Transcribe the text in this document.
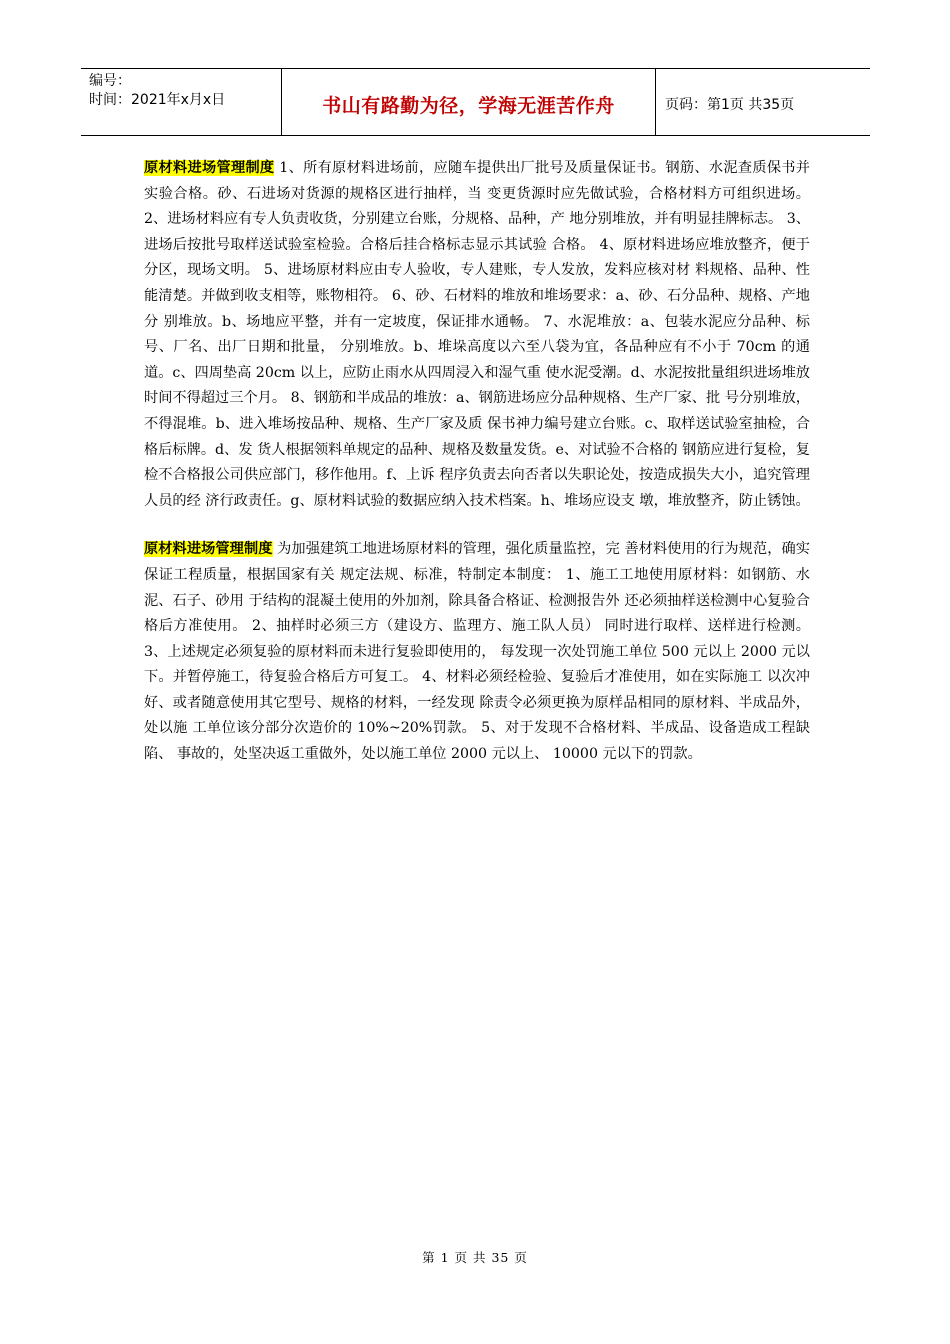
编号：
时间：2021年x月x日	书山有路勤为径，学海无涯苦作舟	页码：第1页 共35页

原材料进场管理制度 1、所有原材料进场前，应随车提供出厂批号及质量保证书。钢筋、水泥查质保书并实验合格。砂、石进场对货源的规格区进行抽样，当 变更货源时应先做试验，合格材料方可组织进场。 2、进场材料应有专人负责收货，分别建立台账，分规格、品种，产 地分别堆放，并有明显挂牌标志。 3、进场后按批号取样送试验室检验。合格后挂合格标志显示其试验 合格。 4、原材料进场应堆放整齐，便于分区，现场文明。 5、进场原材料应由专人验收，专人建账，专人发放，发料应核对材 料规格、品种、性能清楚。并做到收支相等，账物相符。 6、砂、石材料的堆放和堆场要求：a、砂、石分品种、规格、产地分 别堆放。b、场地应平整，并有一定坡度，保证排水通畅。 7、水泥堆放：a、包装水泥应分品种、标号、厂名、出厂日期和批量， 分别堆放。b、堆垛高度以六至八袋为宜，各品种应有不小于 70cm 的通道。c、四周垫高 20cm 以上，应防止雨水从四周浸入和湿气重 使水泥受潮。d、水泥按批量组织进场堆放时间不得超过三个月。 8、钢筋和半成品的堆放：a、钢筋进场应分品种规格、生产厂家、批 号分别堆放，不得混堆。b、进入堆场按品种、规格、生产厂家及质 保书神力编号建立台账。c、取样送试验室抽检，合格后标牌。d、发 货人根据领料单规定的品种、规格及数量发货。e、对试验不合格的 钢筋应进行复检，复检不合格报公司供应部门，移作他用。f、上诉 程序负责去向否者以失职论处，按造成损失大小，追究管理人员的经 济行政责任。g、原材料试验的数据应纳入技术档案。h、堆场应设支 墩，堆放整齐，防止锈蚀。

原材料进场管理制度 为加强建筑工地进场原材料的管理，强化质量监控，完 善材料使用的行为规范，确实保证工程质量，根据国家有关 规定法规、标准，特制定本制度： 1、施工工地使用原材料：如钢筋、水泥、石子、砂用 于结构的混凝土使用的外加剂，除具备合格证、检测报告外 还必须抽样送检测中心复验合格后方准使用。 2、抽样时必须三方（建设方、监理方、施工队人员） 同时进行取样、送样进行检测。 3、上述规定必须复验的原材料而未进行复验即使用的， 每发现一次处罚施工单位 500 元以上 2000 元以下。并暂停施工，待复验合格后方可复工。 4、材料必须经检验、复验后才准使用，如在实际施工 以次冲好、或者随意使用其它型号、规格的材料，一经发现 除责令必须更换为原样品相同的原材料、半成品外，处以施 工单位该分部分次造价的 10%~20%罚款。 5、对于发现不合格材料、半成品、设备造成工程缺陷、 事故的，处坚决返工重做外，处以施工单位 2000 元以上、 10000 元以下的罚款。

第 1 页 共 35 页
